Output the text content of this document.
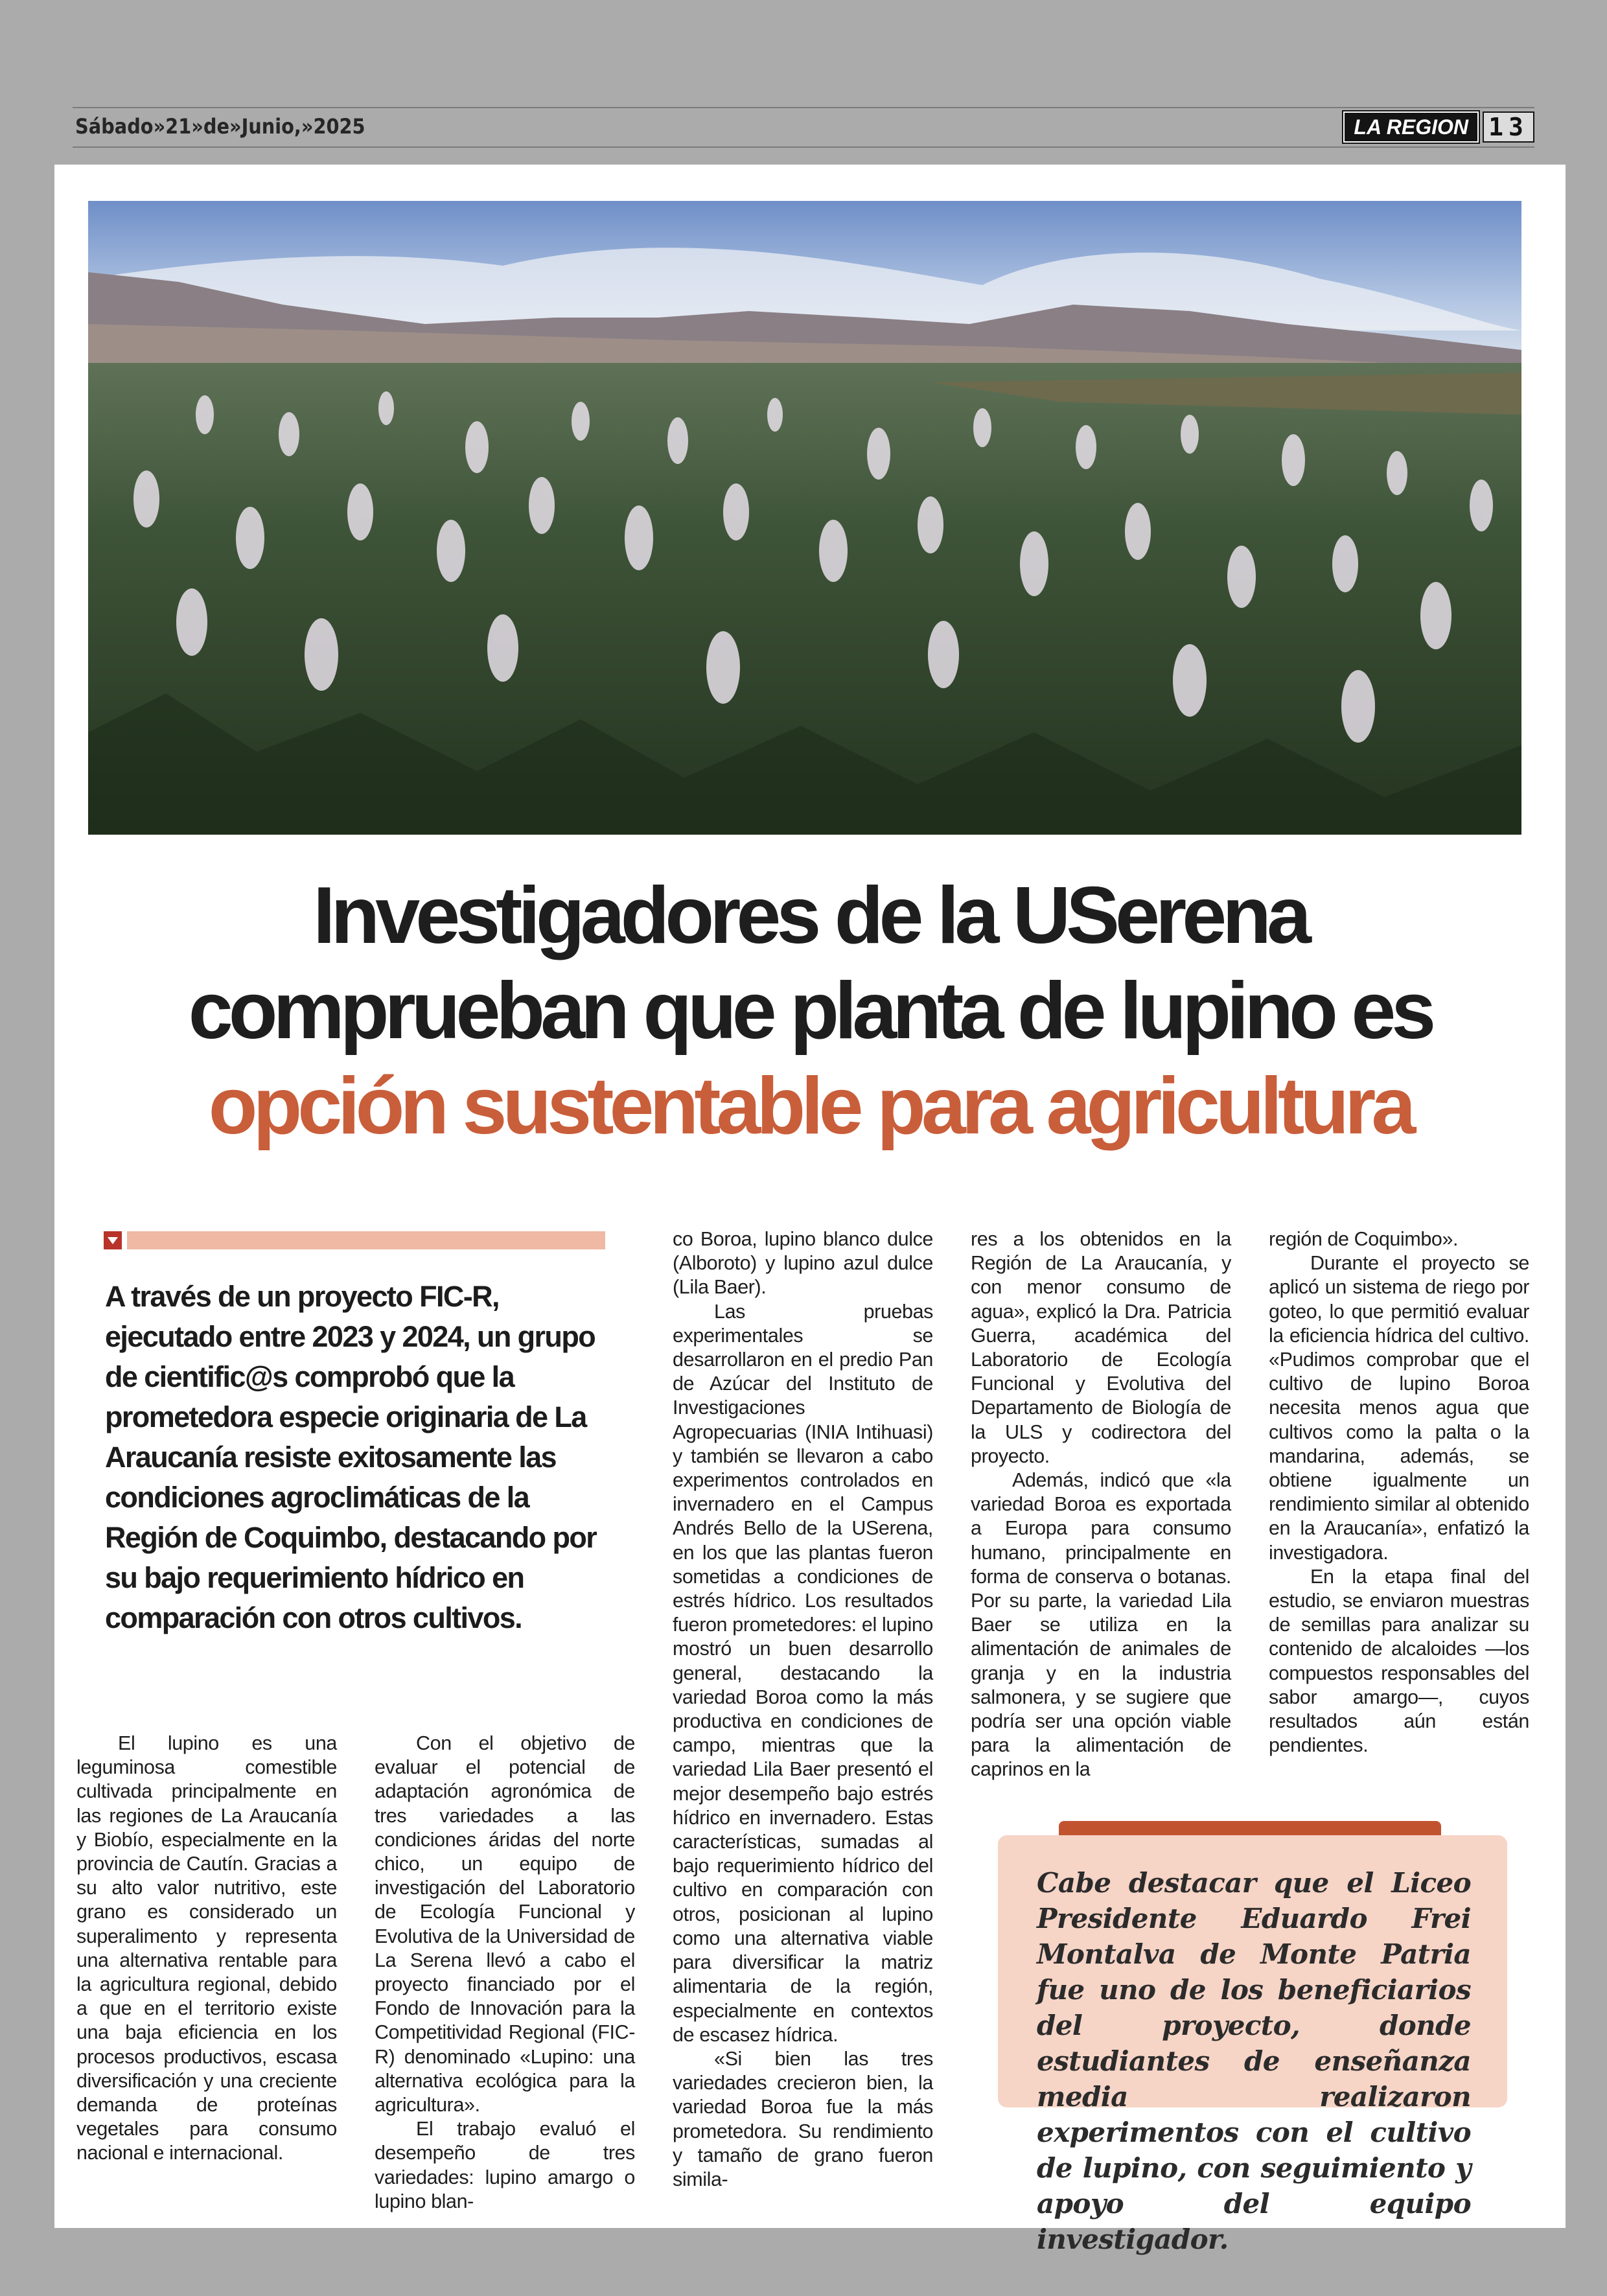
Sábado»21»de»Junio,»2025	LA REGION 13
Investigadores de la USerena
comprueban que planta de lupino es
opción sustentable para agricultura
A través de un proyecto FIC-R, ejecutado entre 2023 y 2024, un grupo de cientific@s comprobó que la prometedora especie originaria de La Araucanía resiste exitosamente las condiciones agroclimáticas de la Región de Coquimbo, destacando por su bajo requerimiento hídrico en comparación con otros cultivos.

El lupino es una leguminosa comestible cultivada principalmente en las regiones de La Araucanía y Biobío, especialmente en la provincia de Cautín. Gracias a su alto valor nutritivo, este grano es considerado un superalimento y representa una alternativa rentable para la agricultura regional, debido a que en el territorio existe una baja eficiencia en los procesos productivos, escasa diversificación y una creciente demanda de proteínas vegetales para consumo nacional e internacional.

Con el objetivo de evaluar el potencial de adaptación agronómica de tres variedades a las condiciones áridas del norte chico, un equipo de investigación del Laboratorio de Ecología Funcional y Evolutiva de la Universidad de La Serena llevó a cabo el proyecto financiado por el Fondo de Innovación para la Competitividad Regional (FIC-R) denominado «Lupino: una alternativa ecológica para la agricultura».

El trabajo evaluó el desempeño de tres variedades: lupino amargo o lupino blan-

co Boroa, lupino blanco dulce (Alboroto) y lupino azul dulce (Lila Baer).

Las pruebas experimentales se desarrollaron en el predio Pan de Azúcar del Instituto de Investigaciones Agropecuarias (INIA Intihuasi) y también se llevaron a cabo experimentos controlados en invernadero en el Campus Andrés Bello de la USerena, en los que las plantas fueron sometidas a condiciones de estrés hídrico. Los resultados fueron prometedores: el lupino mostró un buen desarrollo general, destacando la variedad Boroa como la más productiva en condiciones de campo, mientras que la variedad Lila Baer presentó el mejor desempeño bajo estrés hídrico en invernadero. Estas características, sumadas al bajo requerimiento hídrico del cultivo en comparación con otros, posicionan al lupino como una alternativa viable para diversificar la matriz alimentaria de la región, especialmente en contextos de escasez hídrica.

«Si bien las tres variedades crecieron bien, la variedad Boroa fue la más prometedora. Su rendimiento y tamaño de grano fueron simila-

res a los obtenidos en la Región de La Araucanía, y con menor consumo de agua», explicó la Dra. Patricia Guerra, académica del Laboratorio de Ecología Funcional y Evolutiva del Departamento de Biología de la ULS y codirectora del proyecto.

Además, indicó que «la variedad Boroa es exportada a Europa para consumo humano, principalmente en forma de conserva o botanas. Por su parte, la variedad Lila Baer se utiliza en la alimentación de animales de granja y en la industria salmonera, y se sugiere que podría ser una opción viable para la alimentación de caprinos en la

región de Coquimbo».

Durante el proyecto se aplicó un sistema de riego por goteo, lo que permitió evaluar la eficiencia hídrica del cultivo. «Pudimos comprobar que el cultivo de lupino Boroa necesita menos agua que cultivos como la palta o la mandarina, además, se obtiene igualmente un rendimiento similar al obtenido en la Araucanía», enfatizó la investigadora.

En la etapa final del estudio, se enviaron muestras de semillas para analizar su contenido de alcaloides —los compuestos responsables del sabor amargo—, cuyos resultados aún están pendientes.

Cabe destacar que el Liceo Presidente Eduardo Frei Montalva de Monte Patria fue uno de los beneficiarios del proyecto, donde estudiantes de enseñanza media realizaron experimentos con el cultivo de lupino, con seguimiento y apoyo del equipo investigador.
